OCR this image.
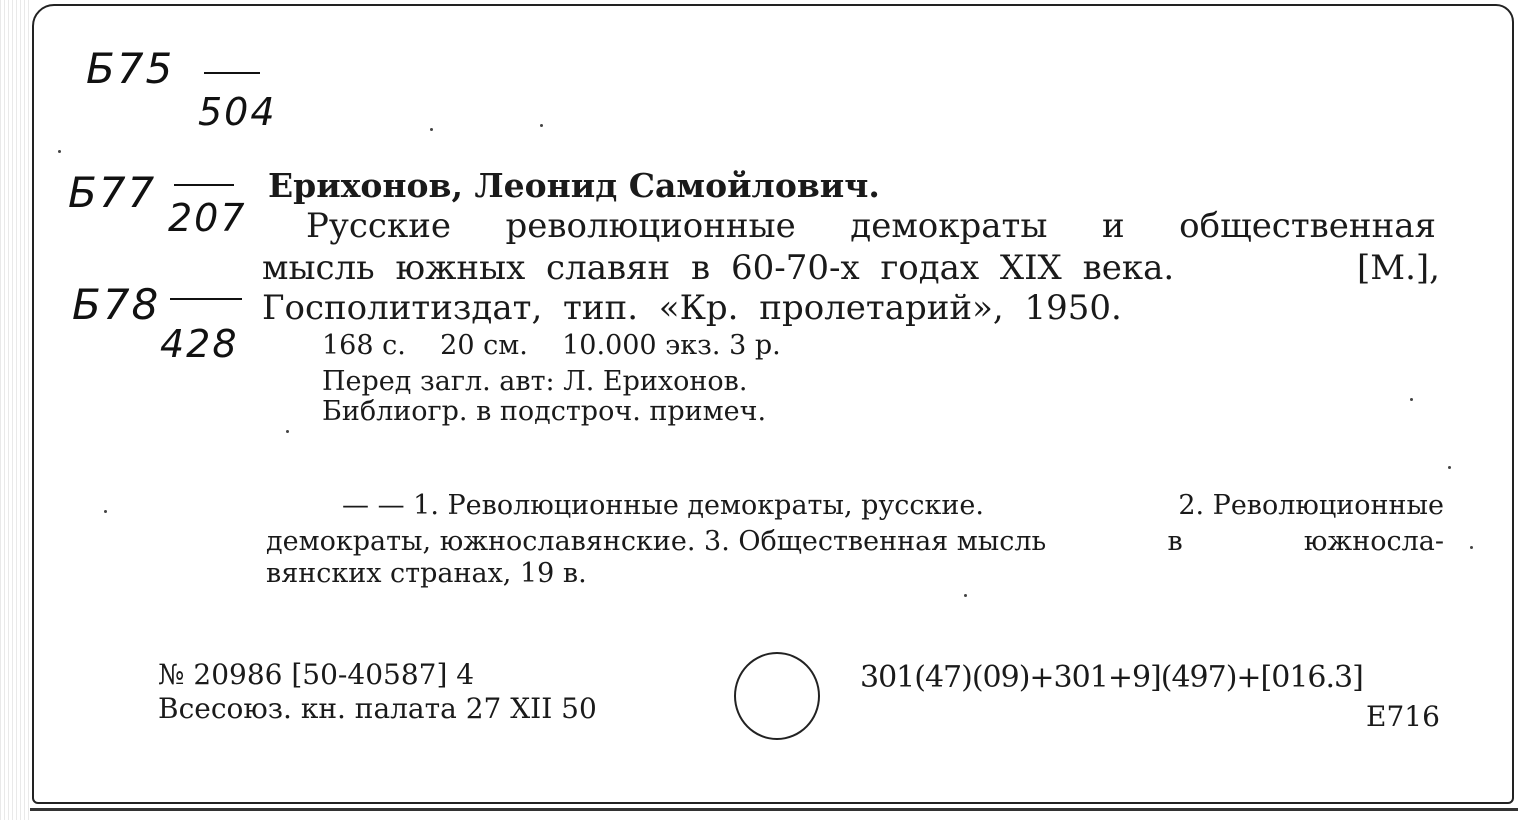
Б75
504
Б77
207
Б78
428
Ерихонов, Леонид Самойлович.
Русские революционные демократы и общественная
мысль южных славян в 60-70-х годах XIX века.	[М.],
Госполитиздат, тип. «Кр. пролетарий», 1950.
168 с.    20 см.    10.000 экз. 3 р.
Перед загл. авт: Л. Ерихонов.
Библиогр. в подстроч. примеч.
— — 1. Революционные демократы, русские.	2. Революционные
демократы, южнославянские. 3. Общественная мысль	в	южносла-
вянских странах, 19 в.
№ 20986 [50-40587] 4
Всесоюз. кн. палата 27 XII 50
301(47)(09)+301+9](497)+[016.3]
Е716
